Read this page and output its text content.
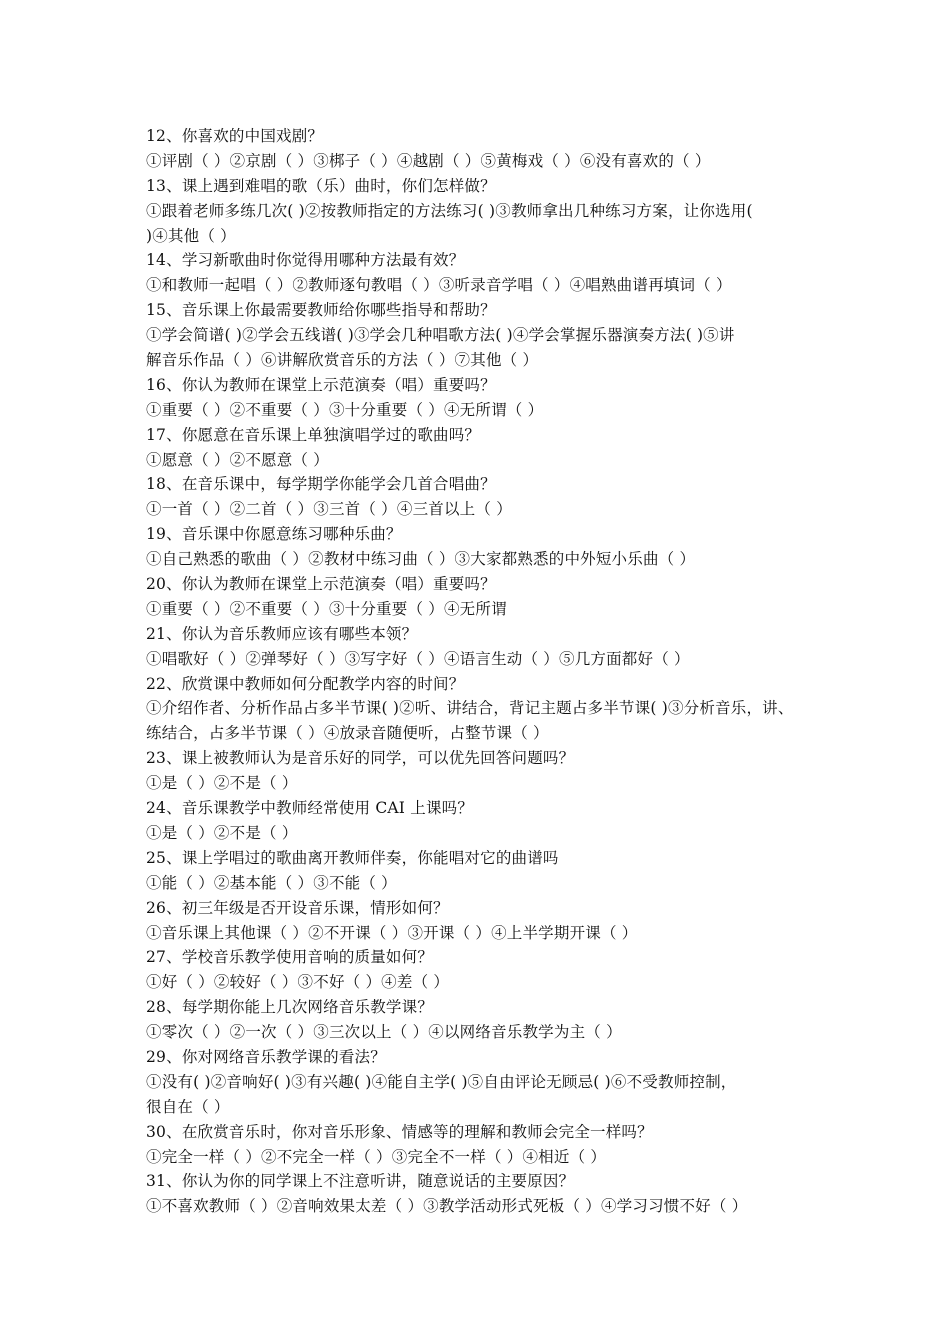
12、你喜欢的中国戏剧？
①评剧（ ）②京剧（ ）③梆子（ ）④越剧（ ）⑤黄梅戏（ ）⑥没有喜欢的（ ）
13、课上遇到难唱的歌（乐）曲时，你们怎样做？
①跟着老师多练几次( )②按教师指定的方法练习( )③教师拿出几种练习方案，让你选用(
)④其他（ ）
14、学习新歌曲时你觉得用哪种方法最有效？
①和教师一起唱（ ）②教师逐句教唱（ ）③听录音学唱（ ）④唱熟曲谱再填词（ ）
15、音乐课上你最需要教师给你哪些指导和帮助？
①学会简谱( )②学会五线谱( )③学会几种唱歌方法( )④学会掌握乐器演奏方法( )⑤讲
解音乐作品（ ）⑥讲解欣赏音乐的方法（ ）⑦其他（ ）
16、你认为教师在课堂上示范演奏（唱）重要吗？
①重要（ ）②不重要（ ）③十分重要（ ）④无所谓（ ）
17、你愿意在音乐课上单独演唱学过的歌曲吗？
①愿意（ ）②不愿意（ ）
18、在音乐课中，每学期学你能学会几首合唱曲？
①一首（ ）②二首（ ）③三首（ ）④三首以上（ ）
19、音乐课中你愿意练习哪种乐曲？
①自己熟悉的歌曲（ ）②教材中练习曲（ ）③大家都熟悉的中外短小乐曲（ ）
20、你认为教师在课堂上示范演奏（唱）重要吗？
①重要（ ）②不重要（ ）③十分重要（ ）④无所谓
21、你认为音乐教师应该有哪些本领？
①唱歌好（ ）②弹琴好（ ）③写字好（ ）④语言生动（ ）⑤几方面都好（ ）
22、欣赏课中教师如何分配教学内容的时间？
①介绍作者、分析作品占多半节课( )②听、讲结合，背记主题占多半节课( )③分析音乐，讲、
练结合，占多半节课（ ）④放录音随便听，占整节课（ ）
23、课上被教师认为是音乐好的同学，可以优先回答问题吗？
①是（ ）②不是（ ）
24、音乐课教学中教师经常使用 CAI 上课吗？
①是（ ）②不是（ ）
25、课上学唱过的歌曲离开教师伴奏，你能唱对它的曲谱吗
①能（ ）②基本能（ ）③不能（ ）
26、初三年级是否开设音乐课，情形如何？
①音乐课上其他课（ ）②不开课（ ）③开课（ ）④上半学期开课（ ）
27、学校音乐教学使用音响的质量如何？
①好（ ）②较好（ ）③不好（ ）④差（ ）
28、每学期你能上几次网络音乐教学课？
①零次（ ）②一次（ ）③三次以上（ ）④以网络音乐教学为主（ ）
29、你对网络音乐教学课的看法？
①没有( )②音响好( )③有兴趣( )④能自主学( )⑤自由评论无顾忌( )⑥不受教师控制，
很自在（ ）
30、在欣赏音乐时，你对音乐形象、情感等的理解和教师会完全一样吗？
①完全一样（ ）②不完全一样（ ）③完全不一样（ ）④相近（ ）
31、你认为你的同学课上不注意听讲，随意说话的主要原因？
①不喜欢教师（ ）②音响效果太差（ ）③教学活动形式死板（ ）④学习习惯不好（ ）
